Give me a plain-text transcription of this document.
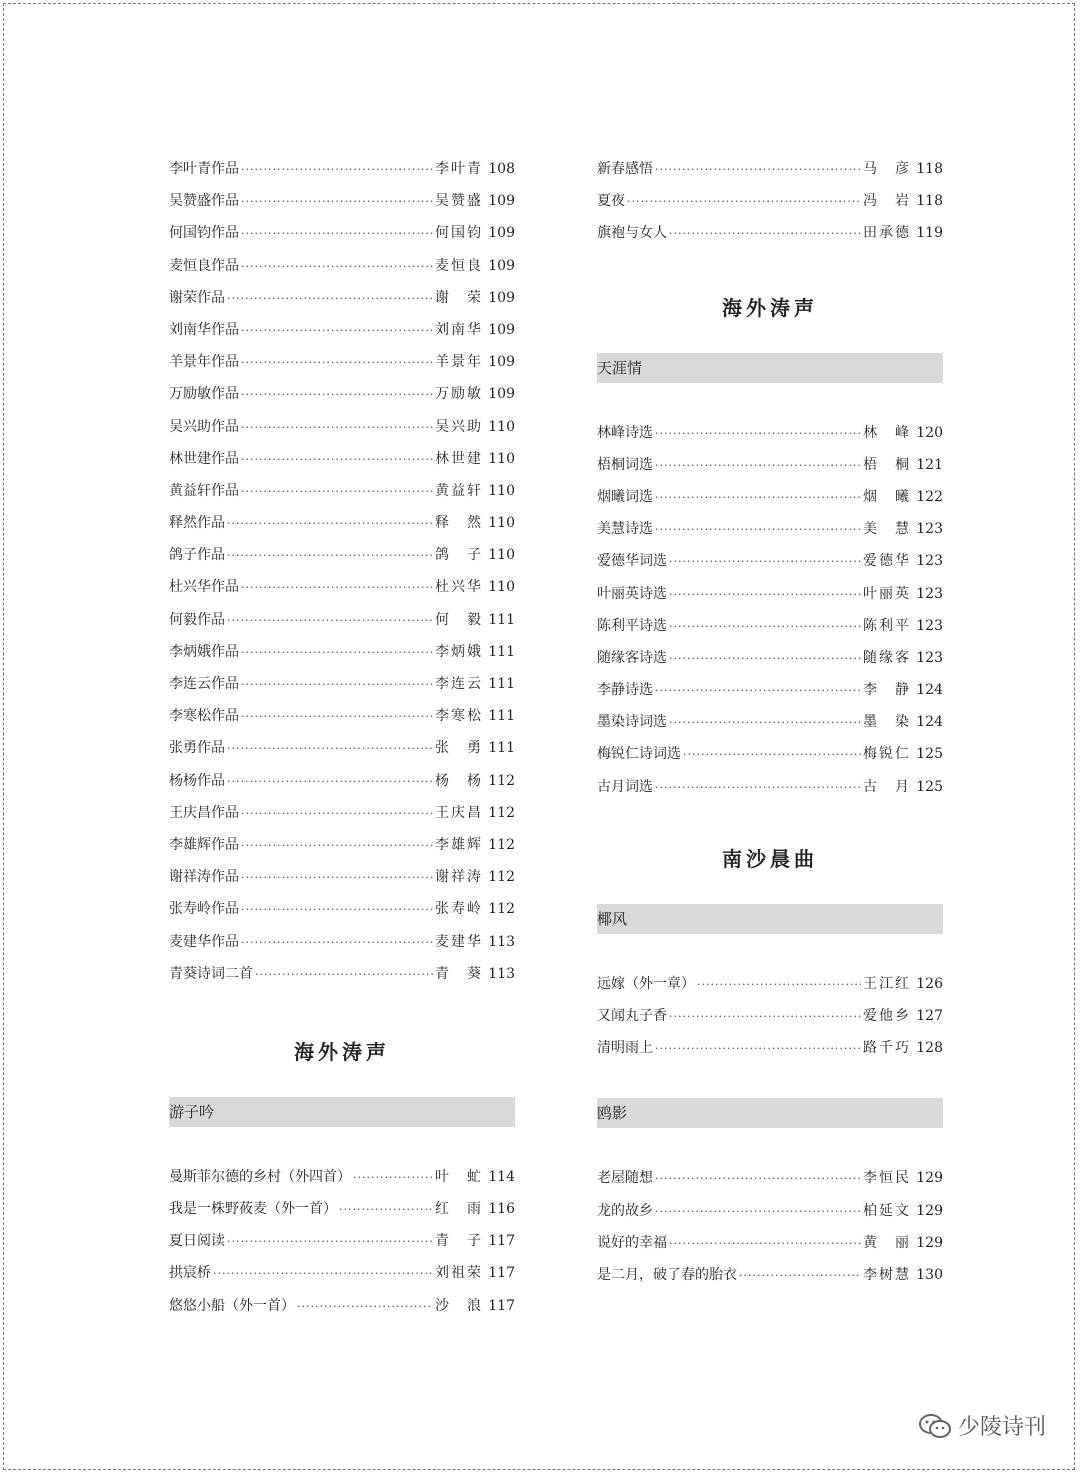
李叶青作品 ·····	李叶青 108
吴赞盛作品 ·····	吴赞盛 109
何国钧作品 ·····	何国钧 109
麦恒良作品 ·····	麦恒良 109
谢荣作品 ·····	谢 荣 109
刘南华作品 ·····	刘南华 109
羊景年作品 ·····	羊景年 109
万励敏作品 ·····	万励敏 109
吴兴助作品 ·····	吴兴助 110
林世建作品 ·····	林世建 110
黄益轩作品 ·····	黄益轩 110
释然作品 ·····	释 然 110
鸽子作品 ·····	鸽 子 110
杜兴华作品 ·····	杜兴华 110
何毅作品 ·····	何 毅 111
李炳娥作品 ·····	李炳娥 111
李连云作品 ·····	李连云 111
李寒松作品 ·····	李寒松 111
张勇作品 ·····	张 勇 111
杨杨作品 ·····	杨 杨 112
王庆昌作品 ·····	王庆昌 112
李雄辉作品 ·····	李雄辉 112
谢祥涛作品 ·····	谢祥涛 112
张寿岭作品 ·····	张寿岭 112
麦建华作品 ·····	麦建华 113
青葵诗词二首 ·····	青 葵 113
海外涛声
游子吟
曼斯菲尔德的乡村（外四首） ·····	叶 虻 114
我是一株野莜麦（外一首） ·····	红 雨 116
夏日阅读 ·····	青 子 117
拱宸桥 ·····	刘祖荣 117
悠悠小船（外一首） ·····	沙 浪 117
新春感悟 ·····	马 彦 118
夏夜 ·····	冯 岩 118
旗袍与女人 ·····	田承德 119
海外涛声
天涯情
林峰诗选 ·····	林 峰 120
梧桐词选 ·····	梧 桐 121
烟曦词选 ·····	烟 曦 122
美慧诗选 ·····	美 慧 123
爱德华词选 ·····	爱德华 123
叶丽英诗选 ·····	叶丽英 123
陈利平诗选 ·····	陈利平 123
随缘客诗选 ·····	随缘客 123
李静诗选 ·····	李 静 124
墨染诗词选 ·····	墨 染 124
梅锐仁诗词选 ·····	梅锐仁 125
古月词选 ·····	古 月 125
南沙晨曲
椰风
远嫁（外一章） ·····	王江红 126
又闻丸子香 ·····	爱他乡 127
清明雨上 ·····	路千巧 128
鸥影
老屋随想 ·····	李恒民 129
龙的故乡 ·····	柏延文 129
说好的幸福 ·····	黄 丽 129
是二月，破了春的胎衣 ·····	李树慧 130
少陵诗刊
